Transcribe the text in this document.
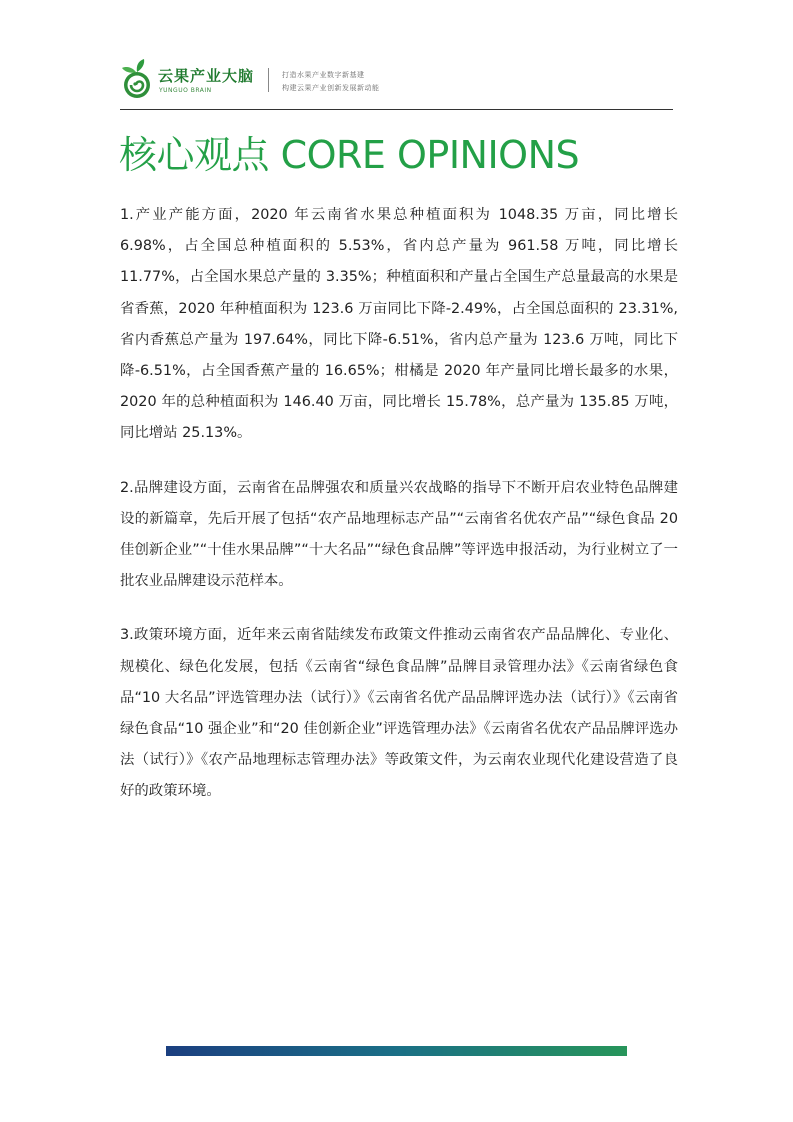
云果产业大脑
YUNGUO BRAIN
打造水果产业数字新基建
构建云果产业创新发展新动能
核心观点 CORE OPINIONS

1.产业产能方面，2020 年云南省水果总种植面积为 1048.35 万亩，同比增长 6.98%，占全国总种植面积的 5.53%，省内总产量为 961.58 万吨，同比增长 11.77%，占全国水果总产量的 3.35%；种植面积和产量占全国生产总量最高的水果是省香蕉，2020 年种植面积为 123.6 万亩同比下降-2.49%，占全国总面积的 23.31%,省内香蕉总产量为 197.64%，同比下降-6.51%，省内总产量为 123.6 万吨，同比下降-6.51%，占全国香蕉产量的 16.65%；柑橘是 2020 年产量同比增长最多的水果，2020 年的总种植面积为 146.40 万亩，同比增长 15.78%，总产量为 135.85 万吨，同比增站 25.13%。

2.品牌建设方面，云南省在品牌强农和质量兴农战略的指导下不断开启农业特色品牌建设的新篇章，先后开展了包括“农产品地理标志产品”“云南省名优农产品”“绿色食品 20 佳创新企业”“十佳水果品牌”“十大名品”“绿色食品牌”等评选申报活动，为行业树立了一批农业品牌建设示范样本。

3.政策环境方面，近年来云南省陆续发布政策文件推动云南省农产品品牌化、专业化、规模化、绿色化发展，包括《云南省“绿色食品牌”品牌目录管理办法》《云南省绿色食品“10 大名品”评选管理办法（试行）》《云南省名优产品品牌评选办法（试行）》《云南省绿色食品“10 强企业”和“20 佳创新企业”评选管理办法》《云南省名优农产品品牌评选办法（试行）》《农产品地理标志管理办法》等政策文件，为云南农业现代化建设营造了良好的政策环境。
